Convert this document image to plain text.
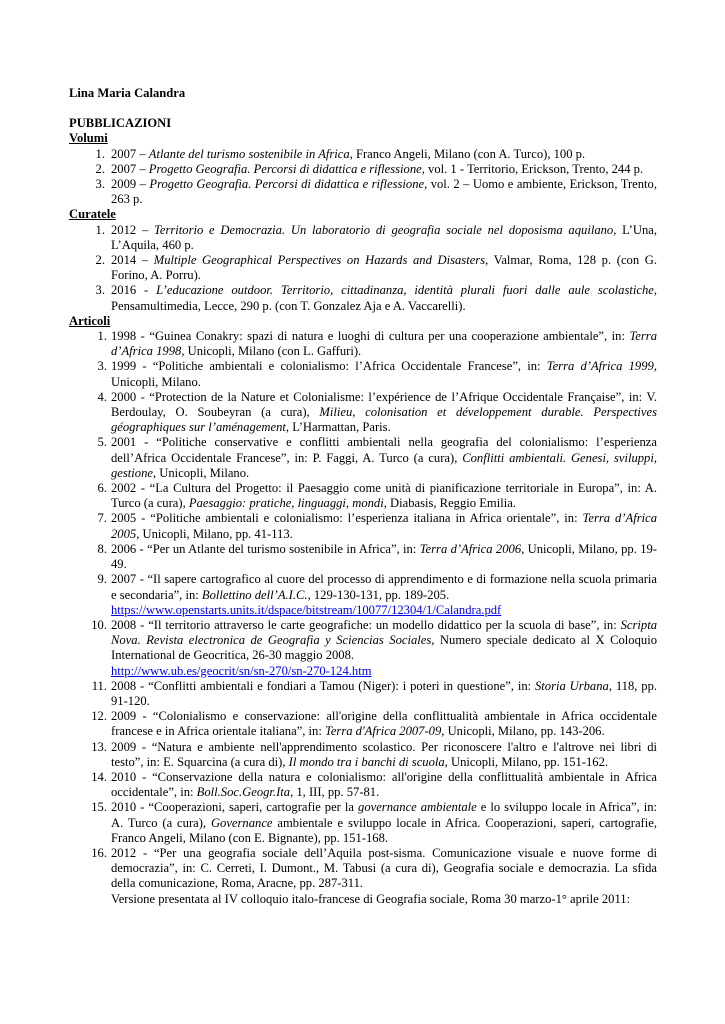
Lina Maria Calandra

PUBBLICAZIONI

Volumi

1. 2007 – Atlante del turismo sostenibile in Africa, Franco Angeli, Milano (con A. Turco), 100 p.
2. 2007 – Progetto Geografia. Percorsi di didattica e riflessione, vol. 1 - Territorio, Erickson, Trento, 244 p.
3. 2009 – Progetto Geografia. Percorsi di didattica e riflessione, vol. 2 – Uomo e ambiente, Erickson, Trento, 263 p.

Curatele

1. 2012 – Territorio e Democrazia. Un laboratorio di geografia sociale nel doposisma aquilano, L’Una, L’Aquila, 460 p.
2. 2014 – Multiple Geographical Perspectives on Hazards and Disasters, Valmar, Roma, 128 p. (con G. Forino, A. Porru).
3. 2016 - L’educazione outdoor. Territorio, cittadinanza, identità plurali fuori dalle aule scolastiche, Pensamultimedia, Lecce, 290 p. (con T. Gonzalez Aja e A. Vaccarelli).

Articoli

1. 1998 - “Guinea Conakry: spazi di natura e luoghi di cultura per una cooperazione ambientale”, in: Terra d’Africa 1998, Unicopli, Milano (con L. Gaffuri).
3. 1999 - “Politiche ambientali e colonialismo: l’Africa Occidentale Francese”, in: Terra d’Africa 1999, Unicopli, Milano.
4. 2000 - “Protection de la Nature et Colonialisme: l’expérience de l’Afrique Occidentale Française”, in: V. Berdoulay, O. Soubeyran (a cura), Milieu, colonisation et développement durable. Perspectives géographiques sur l’aménagement, L’Harmattan, Paris.
5. 2001 - “Politiche conservative e conflitti ambientali nella geografia del colonialismo: l’esperienza dell’Africa Occidentale Francese”, in: P. Faggi, A. Turco (a cura), Conflitti ambientali. Genesi, sviluppi, gestione, Unicopli, Milano.
6. 2002 - “La Cultura del Progetto: il Paesaggio come unità di pianificazione territoriale in Europa”, in: A. Turco (a cura), Paesaggio: pratiche, linguaggi, mondi, Diabasis, Reggio Emilia.
7. 2005 - “Politiche ambientali e colonialismo: l’esperienza italiana in Africa orientale”, in: Terra d’Africa 2005, Unicopli, Milano, pp. 41-113.
8. 2006 - “Per un Atlante del turismo sostenibile in Africa”, in: Terra d’Africa 2006, Unicopli, Milano, pp. 19-49.
9. 2007 - “Il sapere cartografico al cuore del processo di apprendimento e di formazione nella scuola primaria e secondaria”, in: Bollettino dell’A.I.C., 129-130-131, pp. 189-205.
https://www.openstarts.units.it/dspace/bitstream/10077/12304/1/Calandra.pdf
10. 2008 - “Il territorio attraverso le carte geografiche: un modello didattico per la scuola di base”, in: Scripta Nova. Revista electronica de Geografia y Sciencias Sociales, Numero speciale dedicato al X Coloquio International de Geocritica, 26-30 maggio 2008.
http://www.ub.es/geocrit/sn/sn-270/sn-270-124.htm
11. 2008 - “Conflitti ambientali e fondiari a Tamou (Niger): i poteri in questione”, in: Storia Urbana, 118, pp. 91-120.
12. 2009 - “Colonialismo e conservazione: all'origine della conflittualità ambientale in Africa occidentale francese e in Africa orientale italiana”, in: Terra d'Africa 2007-09, Unicopli, Milano, pp. 143-206.
13. 2009 - “Natura e ambiente nell'apprendimento scolastico. Per riconoscere l'altro e l'altrove nei libri di testo”, in: E. Squarcina (a cura di), Il mondo tra i banchi di scuola, Unicopli, Milano, pp. 151-162.
14. 2010 - “Conservazione della natura e colonialismo: all'origine della conflittualità ambientale in Africa occidentale”, in: Boll.Soc.Geogr.Ita, 1, III, pp. 57-81.
15. 2010 - “Cooperazioni, saperi, cartografie per la governance ambientale e lo sviluppo locale in Africa”, in: A. Turco (a cura), Governance ambientale e sviluppo locale in Africa. Cooperazioni, saperi, cartografie, Franco Angeli, Milano (con E. Bignante), pp. 151-168.
16. 2012 - “Per una geografia sociale dell’Aquila post-sisma. Comunicazione visuale e nuove forme di democrazia”, in: C. Cerreti, I. Dumont., M. Tabusi (a cura di), Geografia sociale e democrazia. La sfida della comunicazione, Roma, Aracne, pp. 287-311.
Versione presentata al IV colloquio italo-francese di Geografia sociale, Roma 30 marzo-1° aprile 2011:
